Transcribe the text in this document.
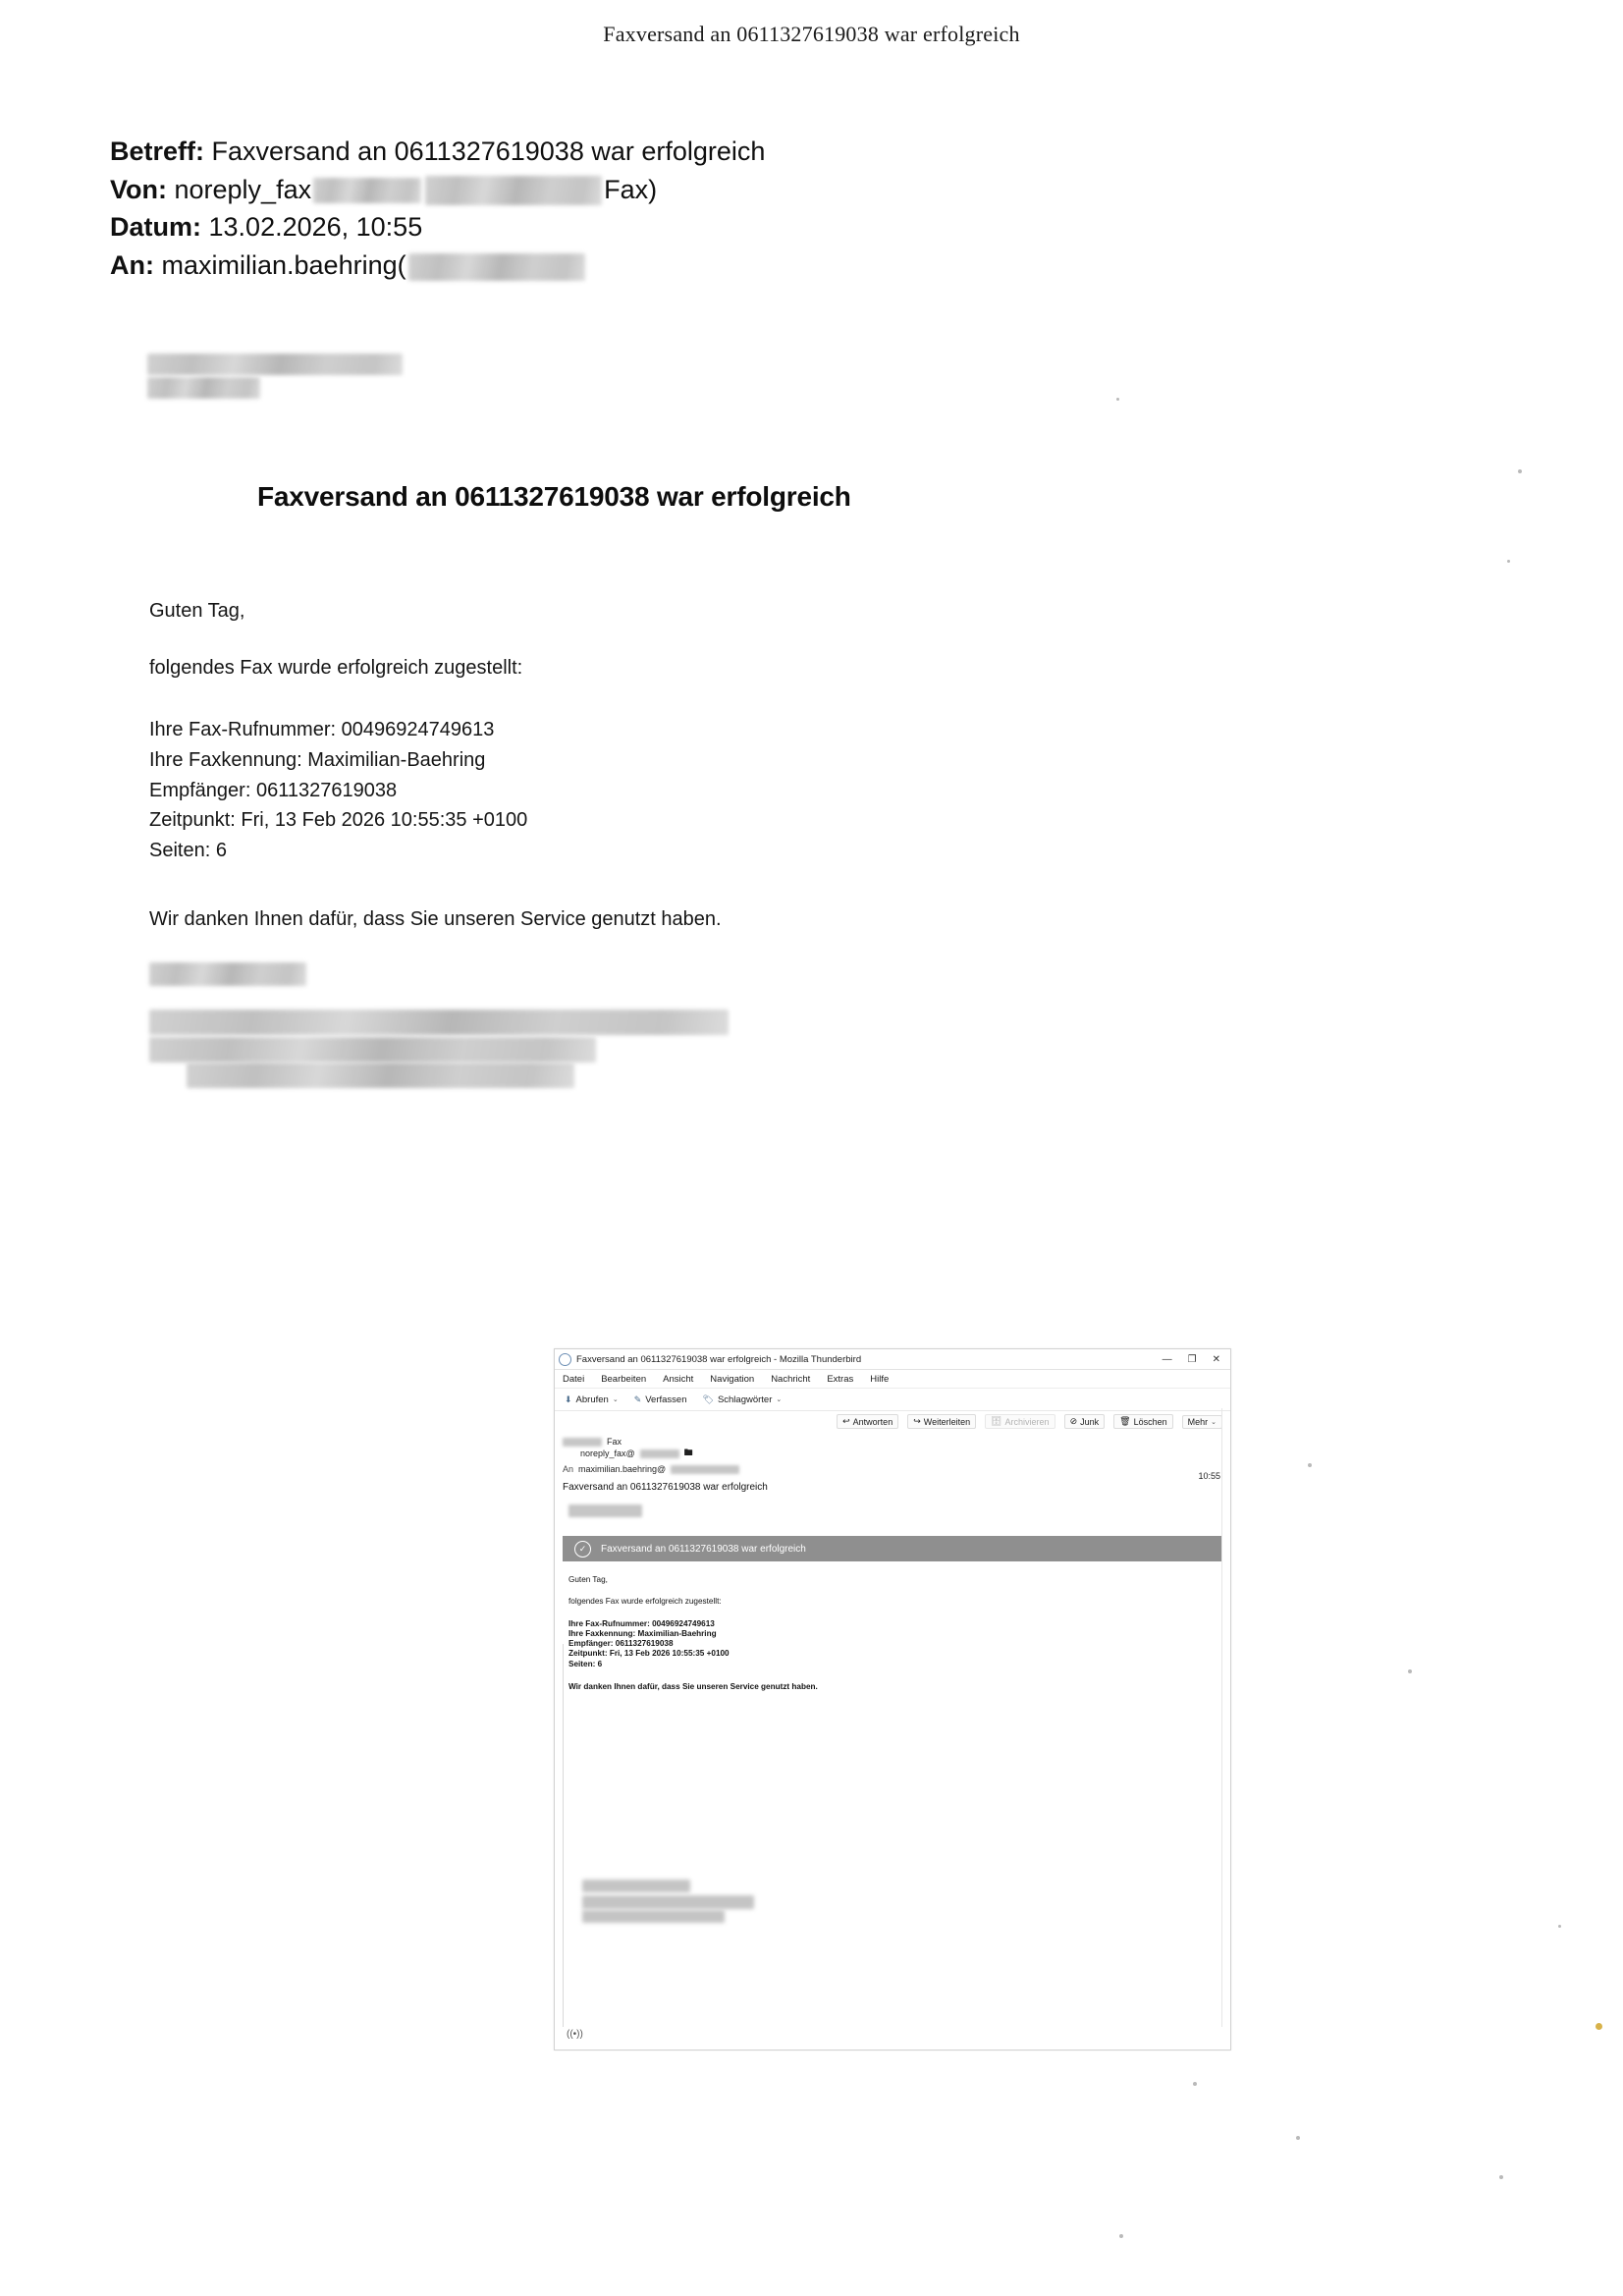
Faxversand an 0611327619038 war erfolgreich
Betreff: Faxversand an 0611327619038 war erfolgreich
Von: noreply_fax	Fax)
Datum: 13.02.2026, 10:55
An: maximilian.baehring(
Faxversand an 0611327619038 war erfolgreich

Guten Tag,

folgendes Fax wurde erfolgreich zugestellt:

Ihre Fax-Rufnummer: 00496924749613
Ihre Faxkennung: Maximilian-Baehring
Empfänger: 0611327619038
Zeitpunkt: Fri, 13 Feb 2026 10:55:35 +0100
Seiten: 6

Wir danken Ihnen dafür, dass Sie unseren Service genutzt haben.

Faxversand an 0611327619038 war erfolgreich - Mozilla Thunderbird	— ❐ ✕
Datei Bearbeiten Ansicht Navigation Nachricht Extras Hilfe
⬇ Abrufen ⌄ ✎ Verfassen 🏷 Schlagwörter ⌄
↩ Antworten ↪ Weiterleiten 🗄 Archivieren ⊘ Junk 🗑 Löschen Mehr ⌄
Fax
noreply_fax@	🖿
An maximilian.baehring@
Faxversand an 0611327619038 war erfolgreich
10:55
✓	Faxversand an 0611327619038 war erfolgreich

Guten Tag,

folgendes Fax wurde erfolgreich zugestellt:

Ihre Fax-Rufnummer: 00496924749613
Ihre Faxkennung: Maximilian-Baehring
Empfänger: 0611327619038
Zeitpunkt: Fri, 13 Feb 2026 10:55:35 +0100
Seiten: 6

Wir danken Ihnen dafür, dass Sie unseren Service genutzt haben.

((•))
